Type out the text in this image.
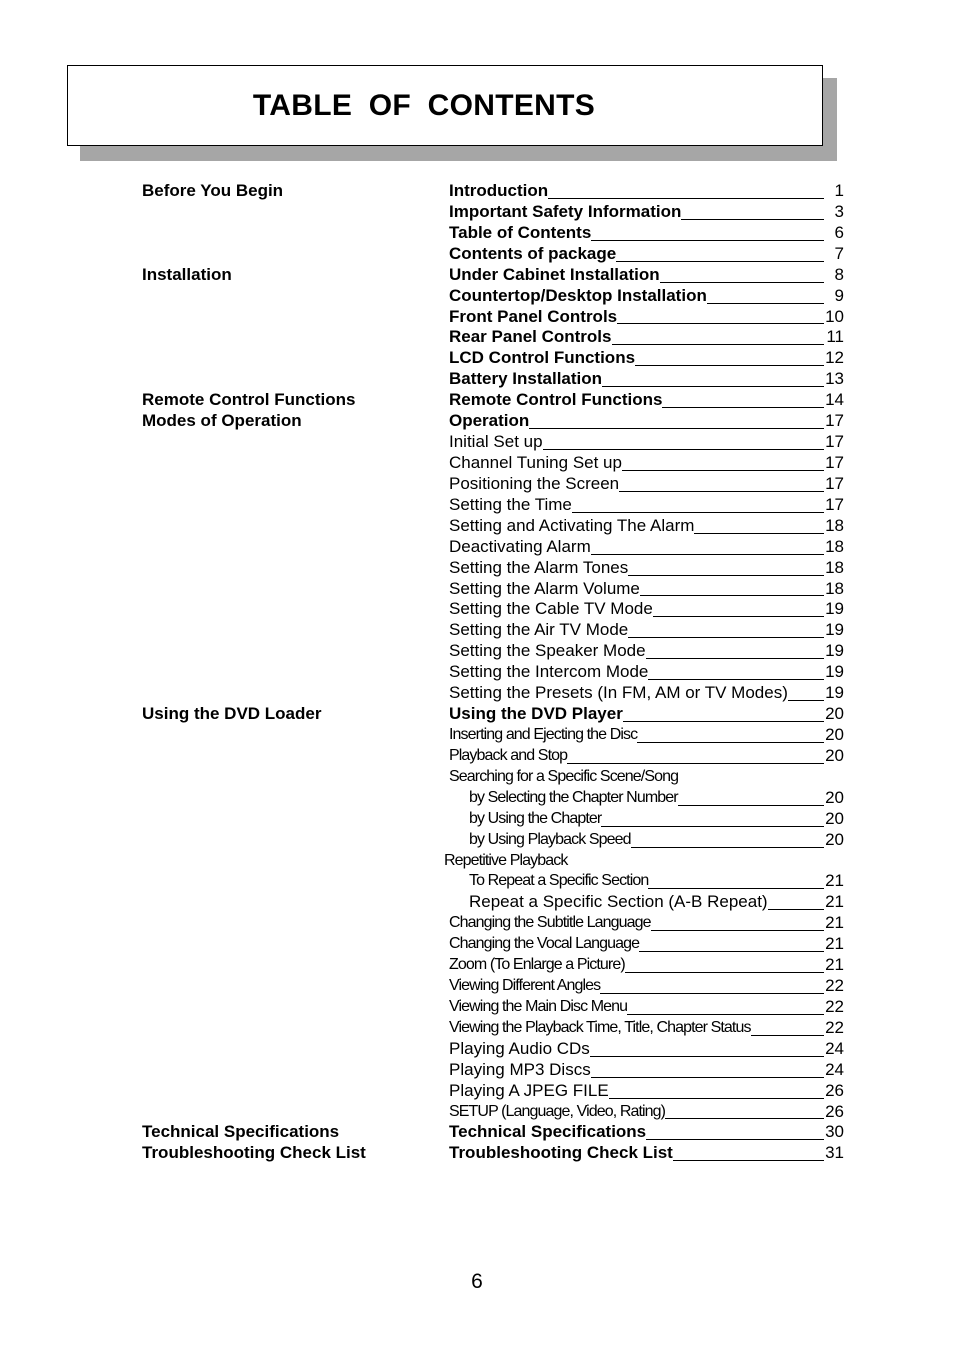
TABLE OF CONTENTS
Before You Begin	Introduction	1
Important Safety Information	3
Table of Contents	6
Contents of package	7
Installation	Under Cabinet Installation	8
Countertop/Desktop Installation	9
Front Panel Controls	10
Rear Panel Controls	11
LCD Control Functions	12
Battery Installation	13
Remote Control Functions	Remote Control Functions	14
Modes of Operation	Operation	17
Initial Set up	17
Channel Tuning Set up	17
Positioning the Screen	17
Setting the Time	17
Setting and Activating The Alarm	18
Deactivating Alarm	18
Setting the Alarm Tones	18
Setting the Alarm Volume	18
Setting the Cable TV Mode	19
Setting the Air TV Mode	19
Setting the Speaker Mode	19
Setting the Intercom Mode	19
Setting the Presets (In FM, AM or TV Modes) 19
Using the DVD Loader	Using the DVD Player	20
Inserting and Ejecting the Disc	20
Playback and Stop	20
Searching for a Specific Scene/Song
by Selecting the Chapter Number	20
by Using the Chapter	20
by Using Playback Speed	20
Repetitive Playback
To Repeat a Specific Section	21
Repeat a Specific Section (A-B Repeat)	21
Changing the Subtitle Language	21
Changing the Vocal Language	21
Zoom (To Enlarge a Picture)	21
Viewing Different Angles	22
Viewing the Main Disc Menu	22
Viewing the Playback Time, Title, Chapter Status	22
Playing Audio CDs	24
Playing MP3 Discs	24
Playing A JPEG FILE	26
SETUP (Language, Video, Rating)	26
Technical Specifications	Technical Specifications	30
Troubleshooting Check List	Troubleshooting Check List	31
6
